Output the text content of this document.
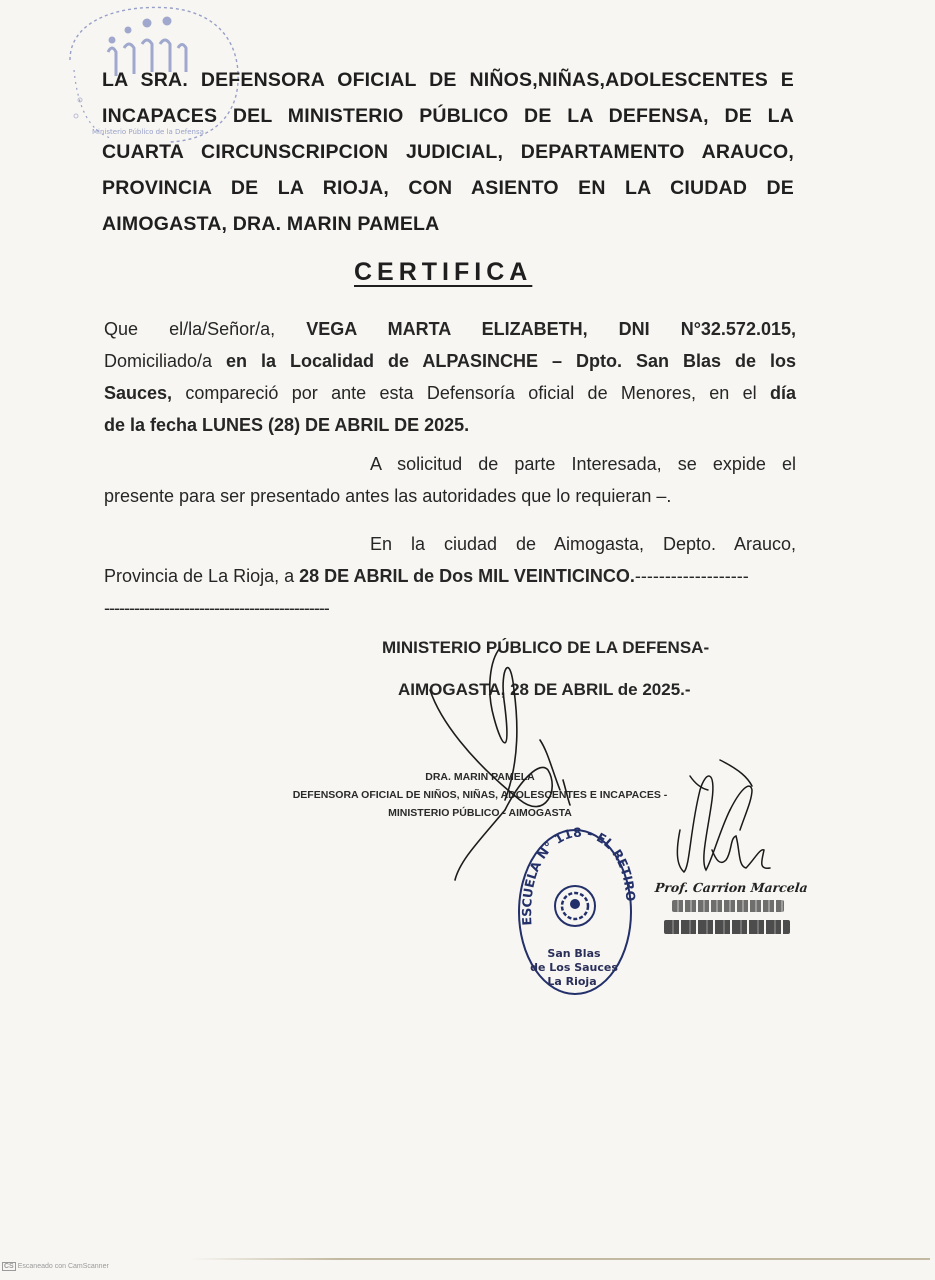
Ministerio Público de la Defensa

LA SRA. DEFENSORA OFICIAL DE NIÑOS,NIÑAS,ADOLESCENTES E

INCAPACES DEL MINISTERIO PÚBLICO DE LA DEFENSA, DE LA

CUARTA CIRCUNSCRIPCION JUDICIAL, DEPARTAMENTO ARAUCO,

PROVINCIA DE LA RIOJA, CON ASIENTO EN LA CIUDAD DE

AIMOGASTA, DRA. MARIN PAMELA

CERTIFICA

Que el/la/Señor/a, VEGA MARTA ELIZABETH, DNI N°32.572.015,

Domiciliado/a en la Localidad de ALPASINCHE – Dpto. San Blas de los

Sauces, compareció por ante esta Defensoría oficial de Menores, en el día

de la fecha LUNES (28) DE ABRIL DE 2025.

A solicitud de parte Interesada, se expide el

presente para ser presentado antes las autoridades que lo requieran –.

En la ciudad de Aimogasta, Depto. Arauco,

Provincia de La Rioja, a 28 DE ABRIL de Dos MIL VEINTICINCO.-------------------

---------------------------------------------

MINISTERIO PÚBLICO DE LA DEFENSA-
AIMOGASTA, 28 DE ABRIL de 2025.-
DRA. MARIN PAMELA
DEFENSORA OFICIAL DE NIÑOS, NIÑAS, ADOLESCENTES E INCAPACES -
MINISTERIO PÚBLICO - AIMOGASTA
ESCUELA N° 118 - EL RETIRO
San Blas
de Los Sauces
La Rioja
Prof. Carrion Marcela
CS Escaneado con CamScanner
